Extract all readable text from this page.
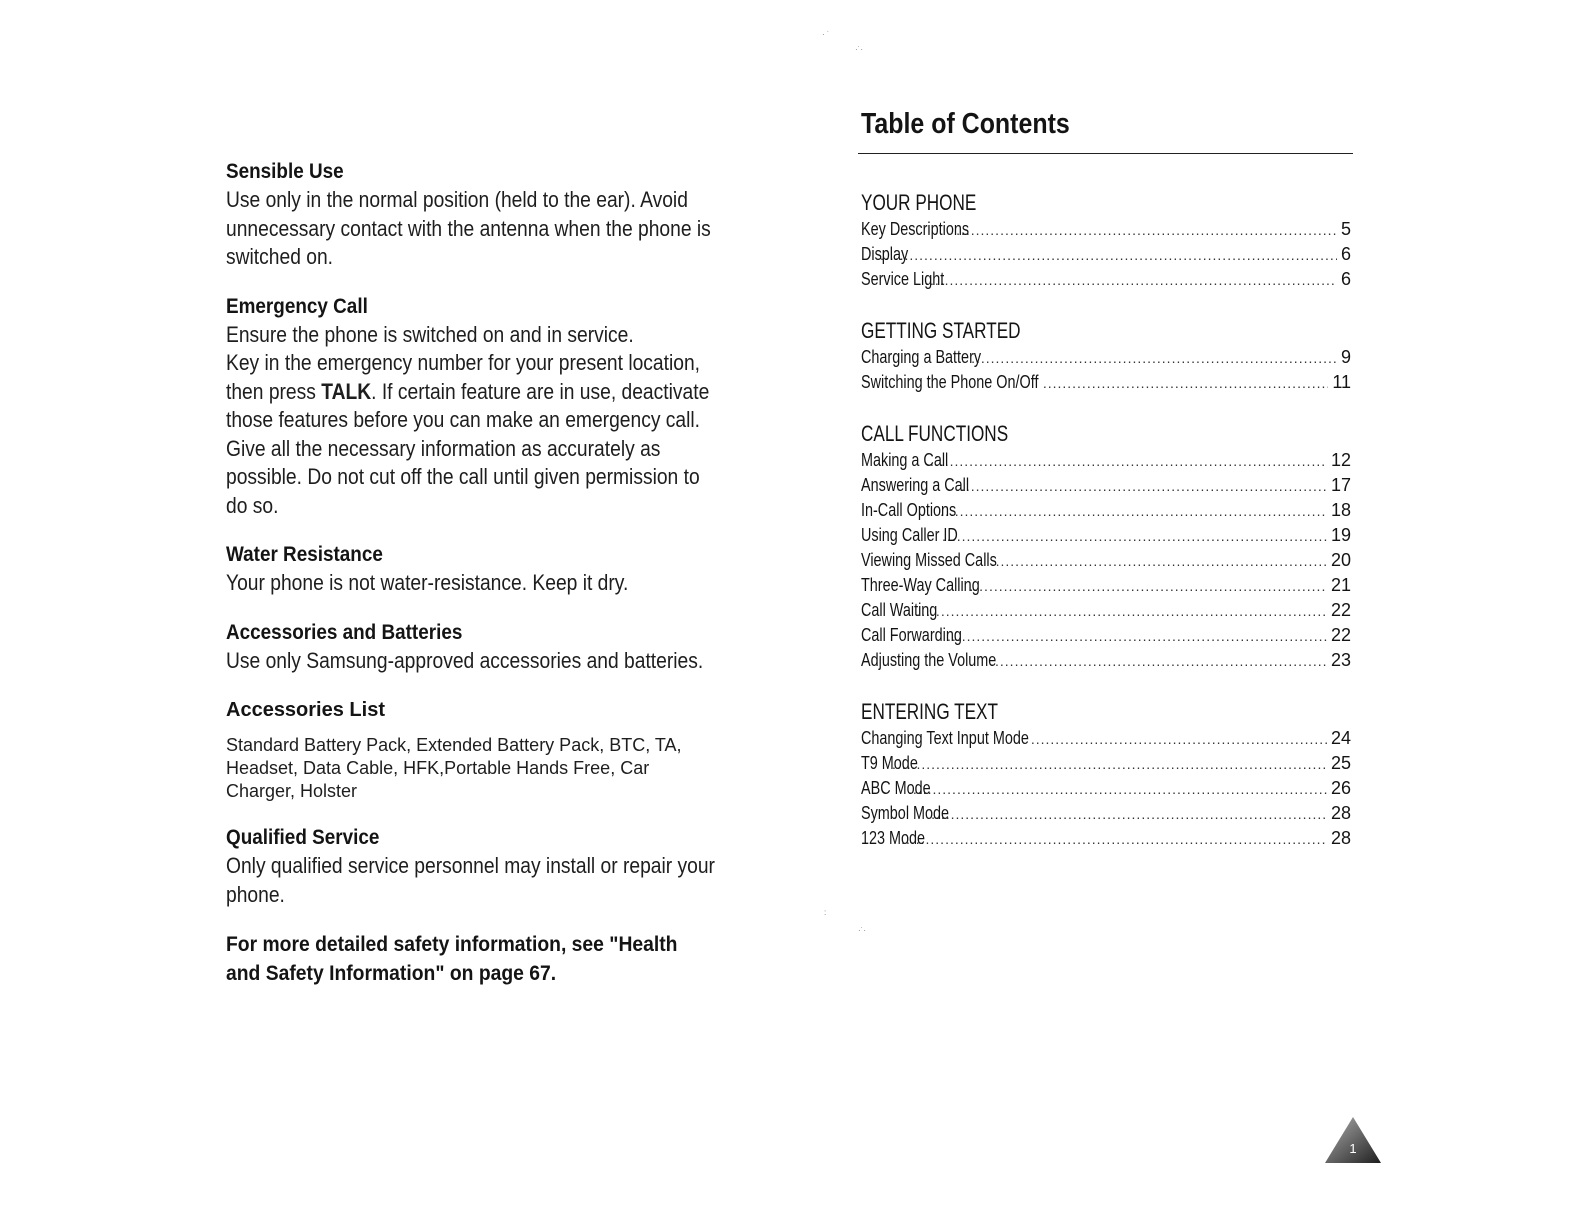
Sensible Use

Use only in the normal position (held to the ear). Avoid unnecessary contact with the antenna when the phone is switched on.

Emergency Call

Ensure the phone is switched on and in service.
Key in the emergency number for your present location, then press TALK. If certain feature are in use, deactivate those features before you can make an emergency call. Give all the necessary information as accurately as possible. Do not cut off the call until given permission to do so.

Water Resistance

Your phone is not water-resistance. Keep it dry.

Accessories and Batteries

Use only Samsung-approved accessories and batteries.

Accessories List

Standard Battery Pack, Extended Battery Pack, BTC, TA, Headset, Data Cable, HFK,Portable Hands Free, Car Charger, Holster

Qualified Service

Only qualified service personnel may install or repair your phone.

For more detailed safety information, see "Health and Safety Information" on page 67.
· ˙
·˙·
:
·˙·
Table of Contents
YOUR PHONE
Key Descriptions .....	5
Display .....	6
Service Light .....	6
GETTING STARTED
Charging a Battery .....	9
Switching the Phone On/Off .....	11
CALL FUNCTIONS
Making a Call .....	12
Answering a Call .....	17
In-Call Options .....	18
Using Caller ID .....	19
Viewing Missed Calls .....	20
Three-Way Calling .....	21
Call Waiting .....	22
Call Forwarding .....	22
Adjusting the Volume .....	23
ENTERING TEXT
Changing Text Input Mode .....	24
T9 Mode .....	25
ABC Mode .....	26
Symbol Mode .....	28
123 Mode .....	28
1
